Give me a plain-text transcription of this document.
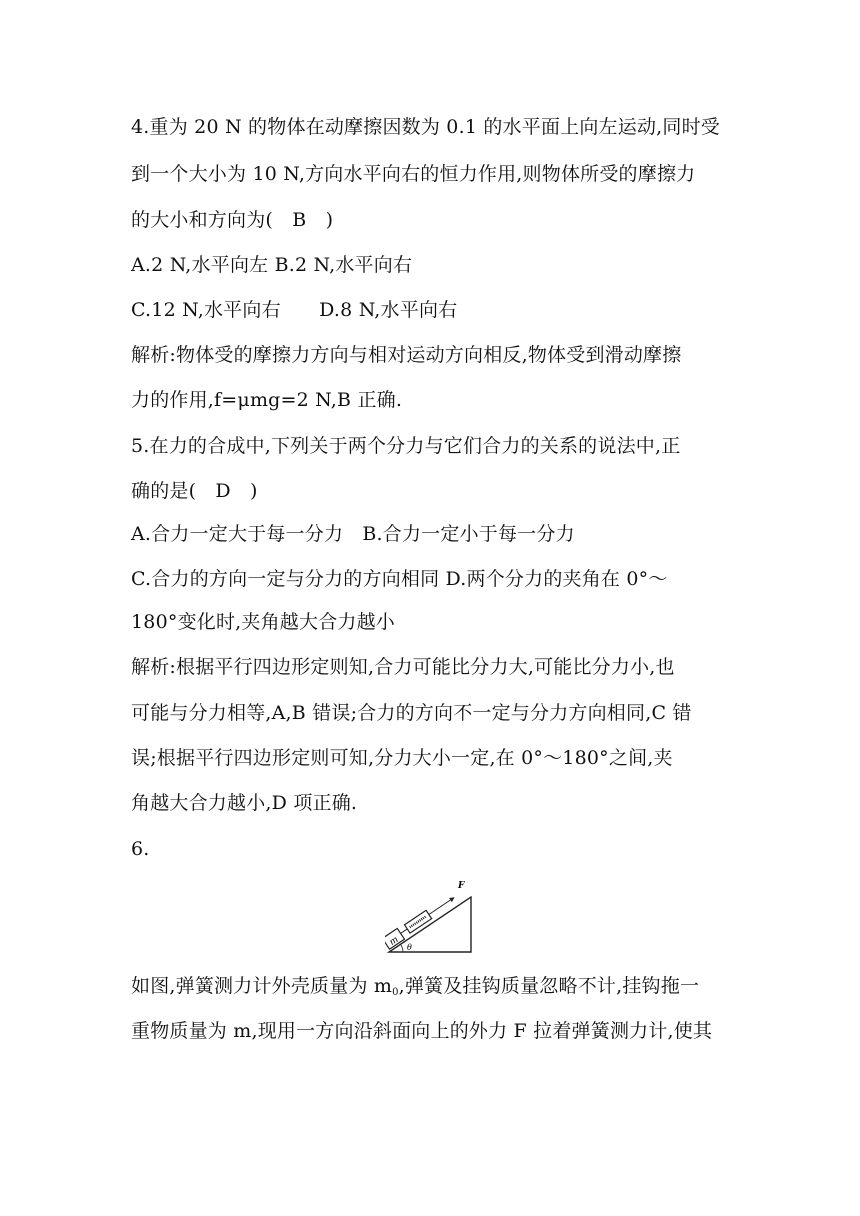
4.重为 20 N 的物体在动摩擦因数为 0.1 的水平面上向左运动,同时受
到一个大小为 10 N,方向水平向右的恒力作用,则物体所受的摩擦力
的大小和方向为(　B　)
A.2 N,水平向左 B.2 N,水平向右
C.12 N,水平向右　　D.8 N,水平向右
解析:物体受的摩擦力方向与相对运动方向相反,物体受到滑动摩擦
力的作用,f=μmg=2 N,B 正确.
5.在力的合成中,下列关于两个分力与它们合力的关系的说法中,正
确的是(　D　)
A.合力一定大于每一分力　B.合力一定小于每一分力
C.合力的方向一定与分力的方向相同 D.两个分力的夹角在 0°～
180°变化时,夹角越大合力越小
解析:根据平行四边形定则知,合力可能比分力大,可能比分力小,也
可能与分力相等,A,B 错误;合力的方向不一定与分力方向相同,C 错
误;根据平行四边形定则可知,分力大小一定,在 0°～180°之间,夹
角越大合力越小,D 项正确.
6.
m
F
θ
如图,弹簧测力计外壳质量为 $m_0$,弹簧及挂钩质量忽略不计,挂钩拖一
重物质量为 m,现用一方向沿斜面向上的外力 F 拉着弹簧测力计,使其
